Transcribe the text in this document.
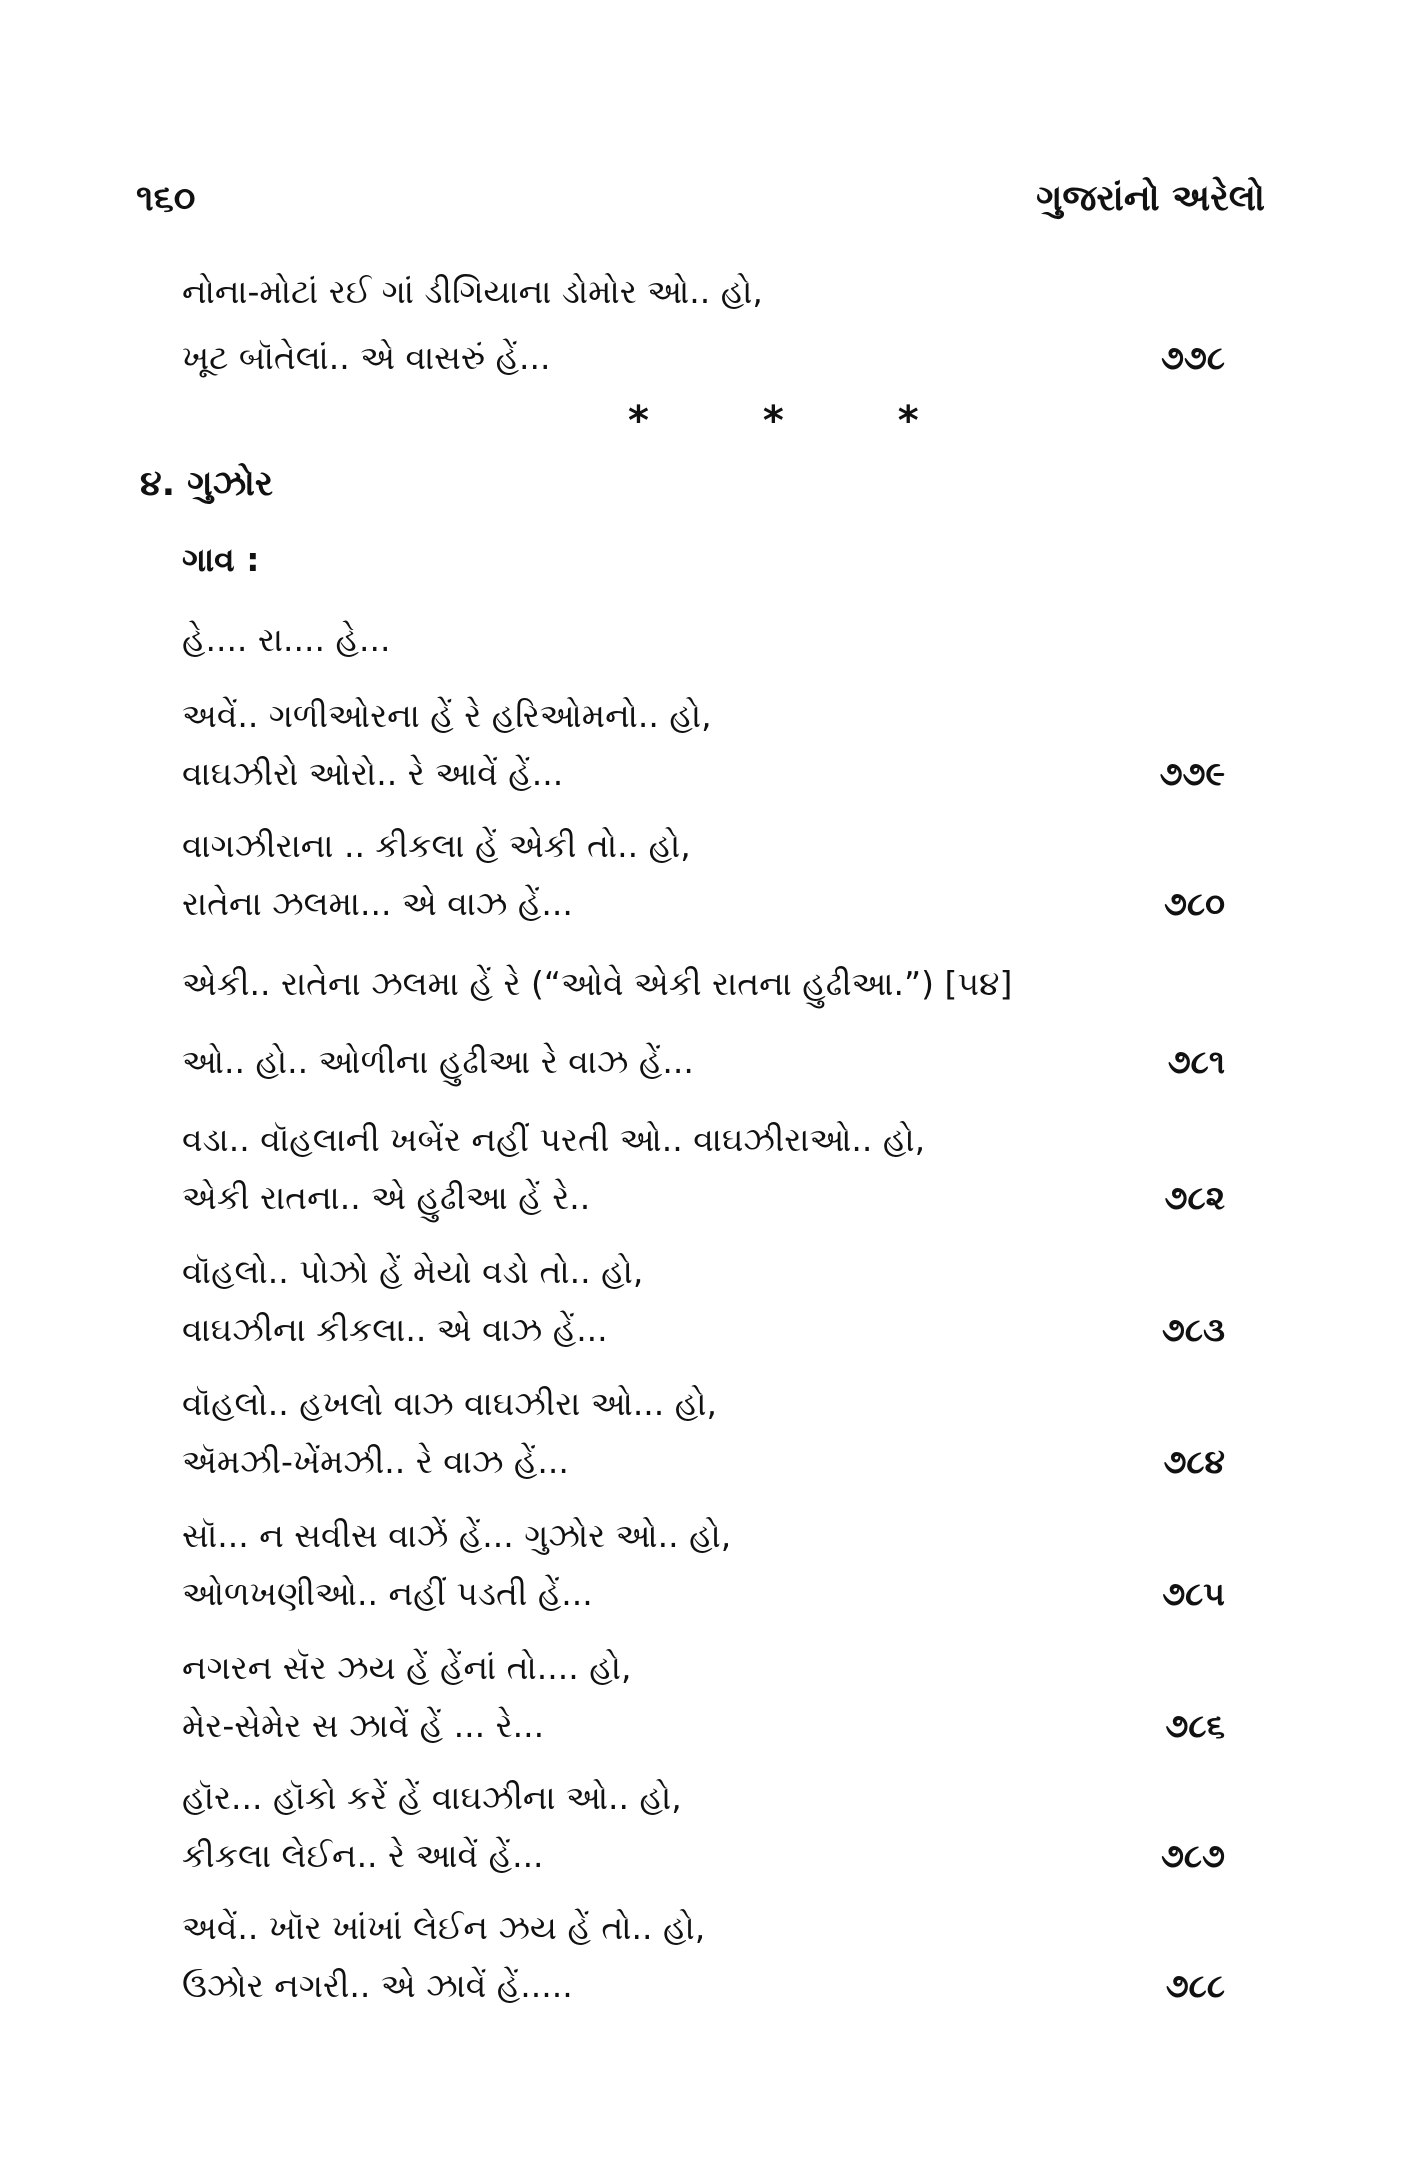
૧૬૦	ગુજરાંનો અરેલો
નોના-મોટાં રઈ ગાં ડીગિયાના ડોમોર ઓ.. હો,
ખૂટ બૉતેલાં.. એ વાસરું હેં...	૭૭૮
* * *
૪. ગુઝોર
ગાવ :
હે.... રા.... હે...
અવેં.. ગળીઓરના હેં રે હરિઓમનો.. હો,
વાઘઝીરો ઓરો.. રે આવેં હેં...	૭૭૯
વાગઝીરાના .. કીકલા હેં એકી તો.. હો,
રાતેના ઝલમા... એ વાઝ હેં...	૭૮૦
એકી.. રાતેના ઝલમા હેં રે (“ઓવે એકી રાતના હુઢીઆ.”) [૫૪]
ઓ.. હો.. ઓળીના હુઢીઆ રે વાઝ હેં...	૭૮૧
વડા.. વૉહલાની ખબેંર નહીં પરતી ઓ.. વાઘઝીરાઓ.. હો,
એકી રાતના.. એ હુઢીઆ હેં રે..	૭૮૨
વૉહલો.. પોઝો હેં મેયો વડો તો.. હો,
વાઘઝીના કીકલા.. એ વાઝ હેં...	૭૮૩
વૉહલો.. હખલો વાઝ વાઘઝીરા ઓ... હો,
ઍમઝી-ખેંમઝી.. રે વાઝ હેં...	૭૮૪
સૉ... ન સવીસ વાઝેં હેં... ગુઝોર ઓ.. હો,
ઓળખણીઓ.. નહીં પડતી હેં...	૭૮૫
નગરન સૅર ઝય હેં હેંનાં તો.... હો,
મેર-સેમેર સ ઝાવેં હેં ... રે...	૭૮૬
હૉર... હૉકો કરેં હેં વાઘઝીના ઓ.. હો,
કીકલા લેઈન.. રે આવેં હેં...	૭૮૭
અવેં.. ખૉર ખાંખાં લેઈન ઝય હેં તો.. હો,
ઉઝોર નગરી.. એ ઝાવેં હેં.....	૭૮૮
